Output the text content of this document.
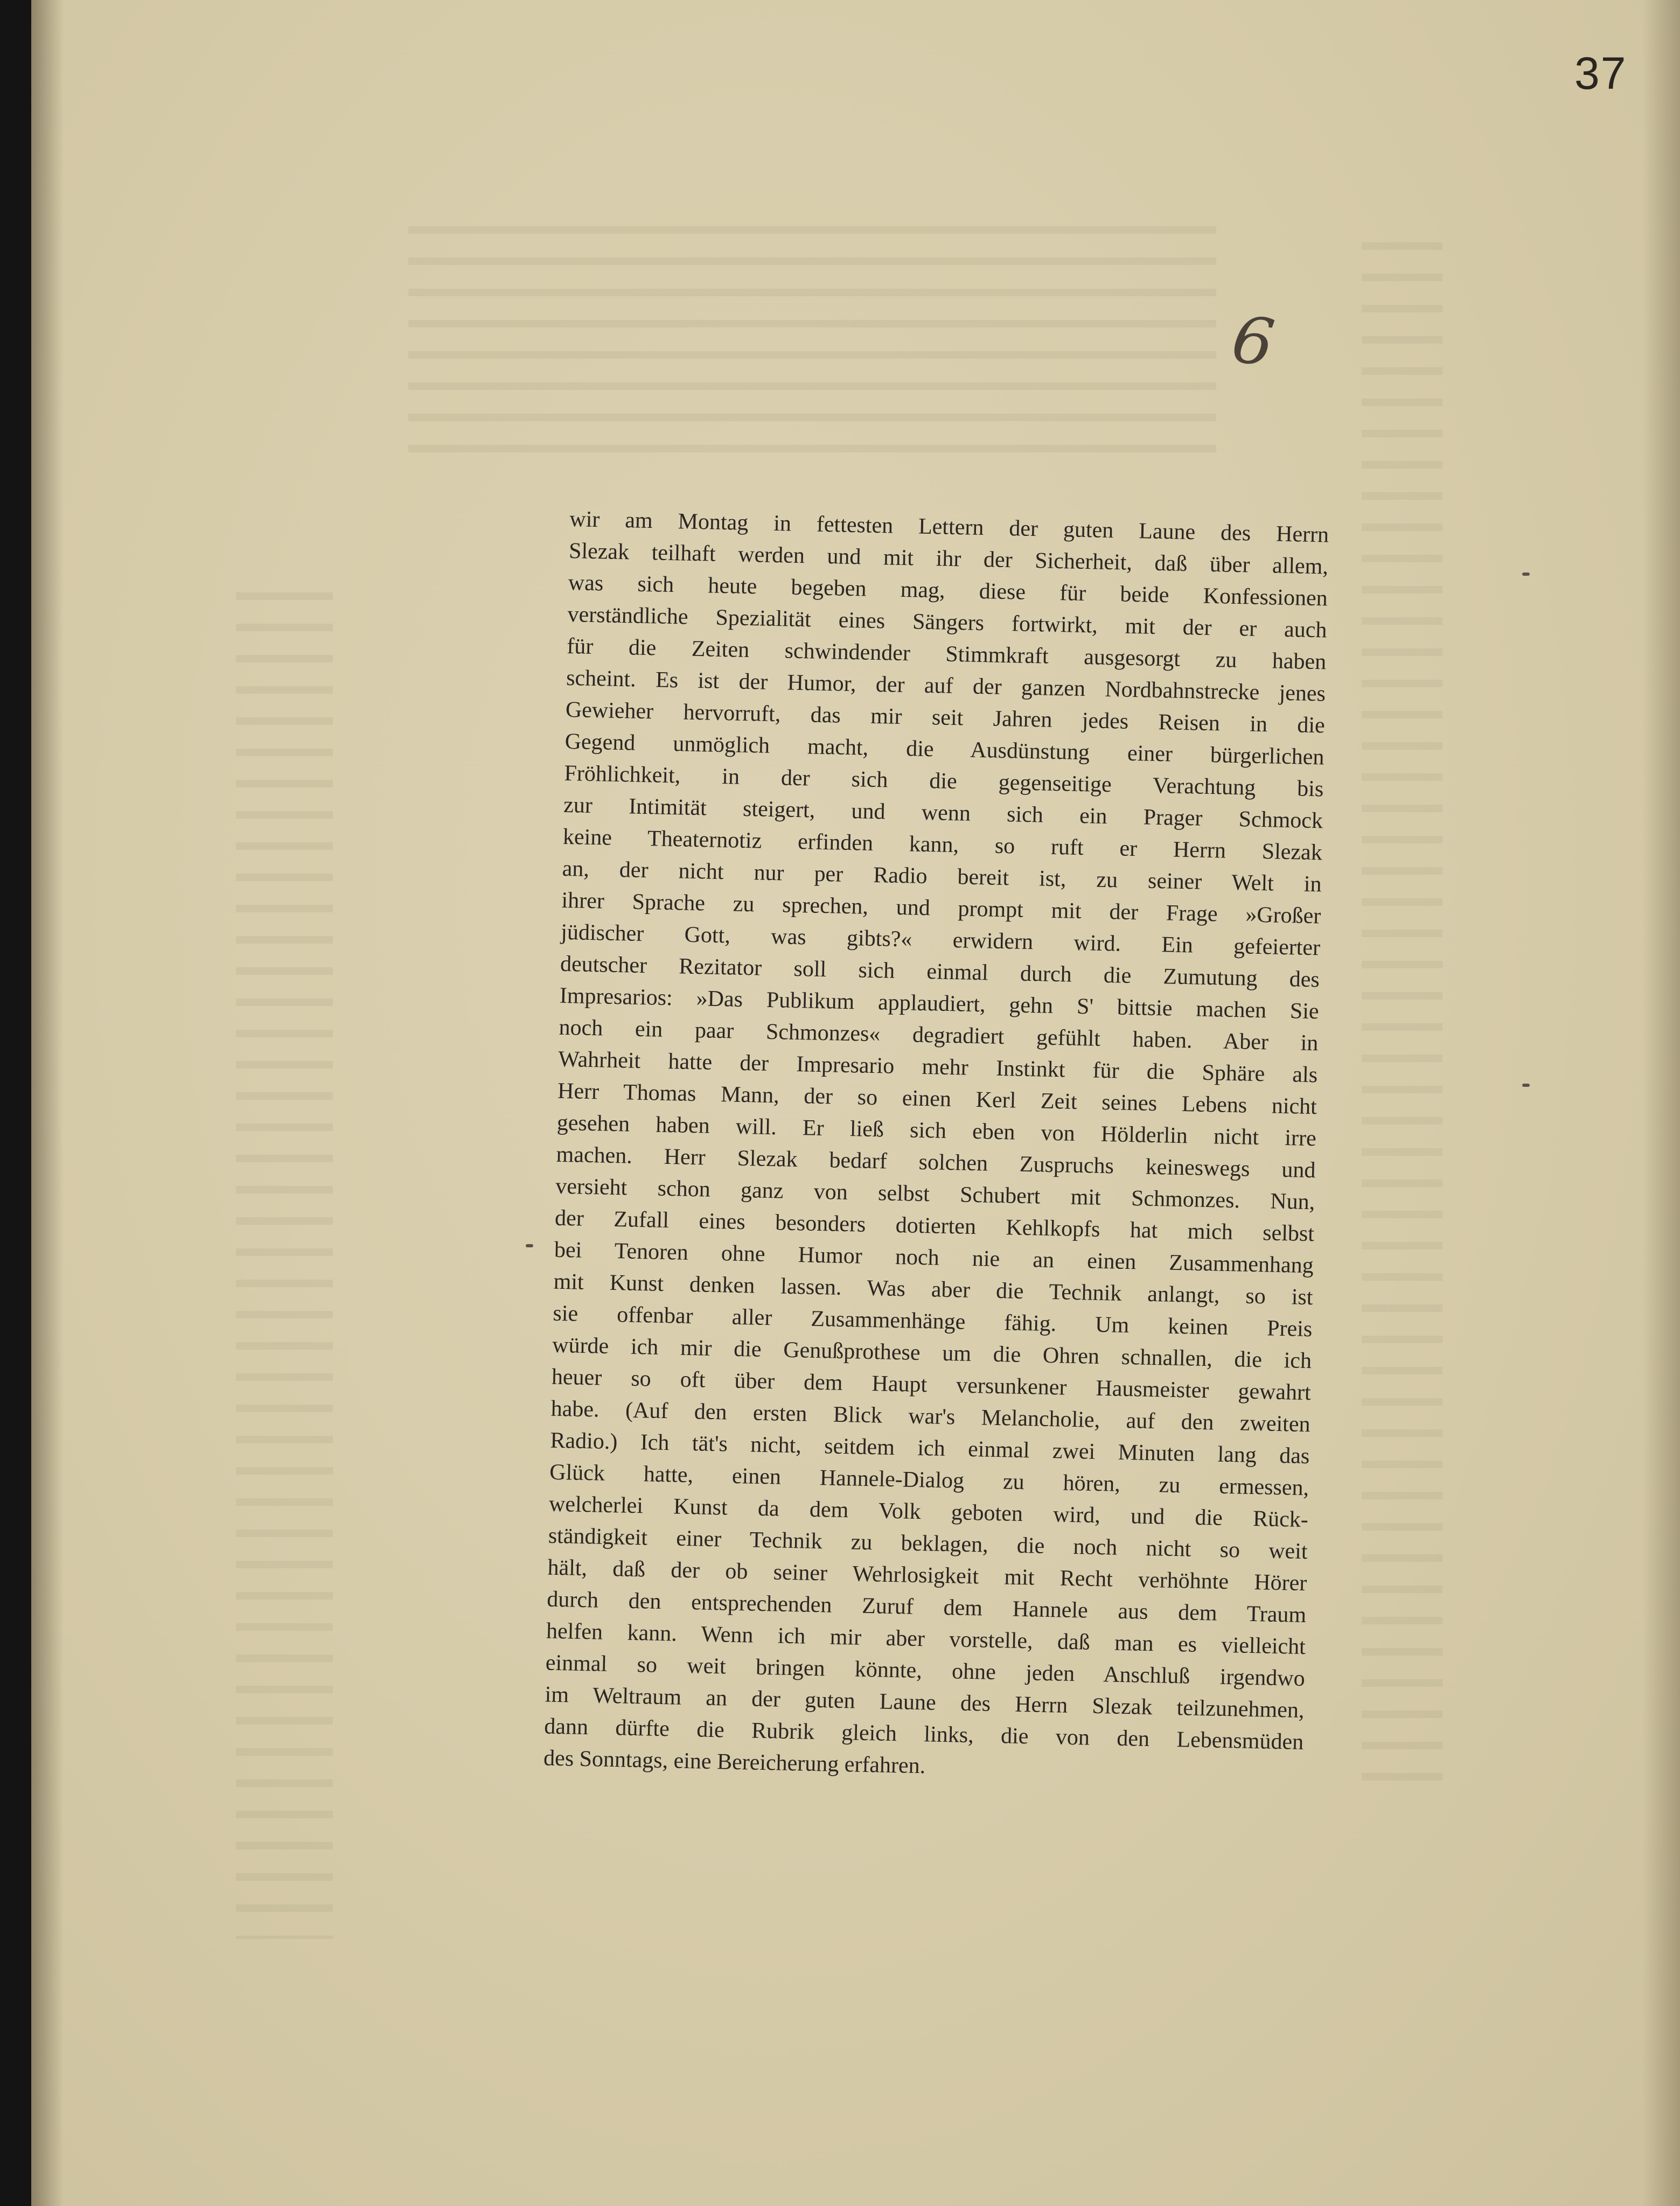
37
6
wir am Montag in fettesten Lettern der guten Laune des Herrn
Slezak teilhaft werden und mit ihr der Sicherheit, daß über allem,
was sich heute begeben mag, diese für beide Konfessionen
verständliche Spezialität eines Sängers fortwirkt, mit der er auch
für die Zeiten schwindender Stimmkraft ausgesorgt zu haben
scheint. Es ist der Humor, der auf der ganzen Nordbahnstrecke jenes
Gewieher hervorruft, das mir seit Jahren jedes Reisen in die
Gegend unmöglich macht, die Ausdünstung einer bürgerlichen
Fröhlichkeit, in der sich die gegenseitige Verachtung bis
zur Intimität steigert, und wenn sich ein Prager Schmock
keine Theaternotiz erfinden kann, so ruft er Herrn Slezak
an, der nicht nur per Radio bereit ist, zu seiner Welt in
ihrer Sprache zu sprechen, und prompt mit der Frage »Großer
jüdischer Gott, was gibts?« erwidern wird. Ein gefeierter
deutscher Rezitator soll sich einmal durch die Zumutung des
Impresarios: »Das Publikum applaudiert, gehn S' bittsie machen Sie
noch ein paar Schmonzes« degradiert gefühlt haben. Aber in
Wahrheit hatte der Impresario mehr Instinkt für die Sphäre als
Herr Thomas Mann, der so einen Kerl Zeit seines Lebens nicht
gesehen haben will. Er ließ sich eben von Hölderlin nicht irre
machen. Herr Slezak bedarf solchen Zuspruchs keineswegs und
versieht schon ganz von selbst Schubert mit Schmonzes. Nun,
der Zufall eines besonders dotierten Kehlkopfs hat mich selbst
bei Tenoren ohne Humor noch nie an einen Zusammenhang
mit Kunst denken lassen. Was aber die Technik anlangt, so ist
sie offenbar aller Zusammenhänge fähig. Um keinen Preis
würde ich mir die Genußprothese um die Ohren schnallen, die ich
heuer so oft über dem Haupt versunkener Hausmeister gewahrt
habe. (Auf den ersten Blick war's Melancholie, auf den zweiten
Radio.) Ich tät's nicht, seitdem ich einmal zwei Minuten lang das
Glück hatte, einen Hannele-Dialog zu hören, zu ermessen,
welcherlei Kunst da dem Volk geboten wird, und die Rück-
ständigkeit einer Technik zu beklagen, die noch nicht so weit
hält, daß der ob seiner Wehrlosigkeit mit Recht verhöhnte Hörer
durch den entsprechenden Zuruf dem Hannele aus dem Traum
helfen kann. Wenn ich mir aber vorstelle, daß man es vielleicht
einmal so weit bringen könnte, ohne jeden Anschluß irgendwo
im Weltraum an der guten Laune des Herrn Slezak teilzunehmen,
dann dürfte die Rubrik gleich links, die von den Lebensmüden
des Sonntags, eine Bereicherung erfahren.
